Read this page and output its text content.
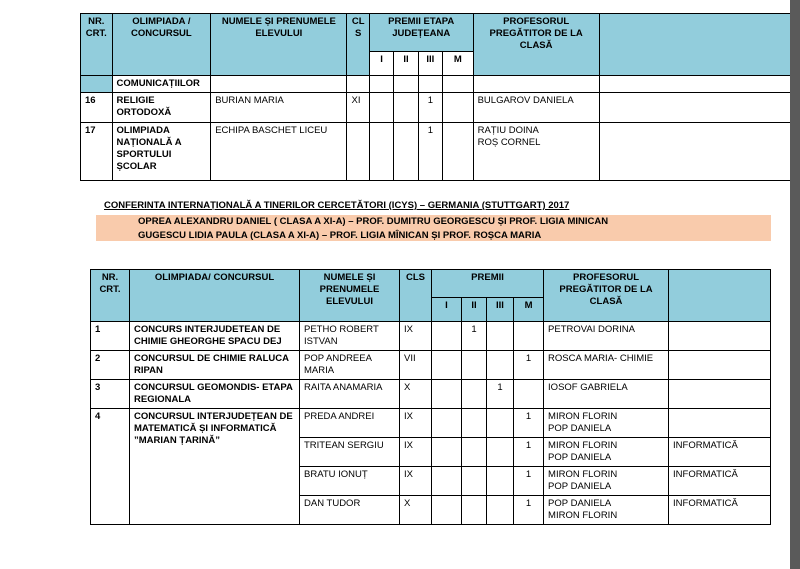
NR. CRT.	OLIMPIADA / CONCURSUL	NUMELE ȘI PRENUMELE ELEVULUI	CL S	PREMII ETAPA JUDEȚEANA				PROFESORUL PREGĂTITOR DE LA CLASĂ	
				I	II	III	M		
	COMUNICAȚIILOR								
16	RELIGIE ORTODOXĂ	BURIAN MARIA	XI			1		BULGAROV DANIELA	
17	OLIMPIADA NAȚIONALĂ A SPORTULUI ȘCOLAR	ECHIPA BASCHET LICEU				1		RAȚIU DOINA
ROȘ CORNEL	

CONFERINTA INTERNAȚIONALĂ A TINERILOR CERCETĂTORI (ICYS) – GERMANIA (STUTTGART) 2017
OPREA ALEXANDRU DANIEL ( CLASA A XI-A) – PROF. DUMITRU GEORGESCU ȘI PROF. LIGIA MINICAN
GUGESCU LIDIA PAULA (CLASA A XI-A) – PROF. LIGIA MÎNICAN ȘI PROF. ROȘCA MARIA
NR. CRT.	OLIMPIADA/ CONCURSUL	NUMELE ȘI PRENUMELE ELEVULUI	CLS	PREMII				PROFESORUL PREGĂTITOR DE LA CLASĂ	
				I	II	III	M		
1	CONCURS INTERJUDETEAN DE CHIMIE GHEORGHE SPACU DEJ	PETHO ROBERT ISTVAN	IX		1			PETROVAI DORINA	
2	CONCURSUL DE CHIMIE RALUCA RIPAN	POP ANDREEA MARIA	VII				1	ROSCA MARIA- CHIMIE	
3	CONCURSUL GEOMONDIS- ETAPA REGIONALA	RAITA ANAMARIA	X			1		IOSOF GABRIELA	
4	CONCURSUL INTERJUDEȚEAN DE MATEMATICĂ ȘI INFORMATICĂ ”MARIAN ȚARINĂ”	PREDA ANDREI	IX				1	MIRON FLORIN
POP DANIELA	

		TRITEAN SERGIU	IX				1	MIRON FLORIN
POP DANIELA	INFORMATICĂ
		BRATU IONUȚ	IX				1	MIRON FLORIN
POP DANIELA	INFORMATICĂ
		DAN TUDOR	X				1	POP DANIELA
MIRON FLORIN	INFORMATICĂ
